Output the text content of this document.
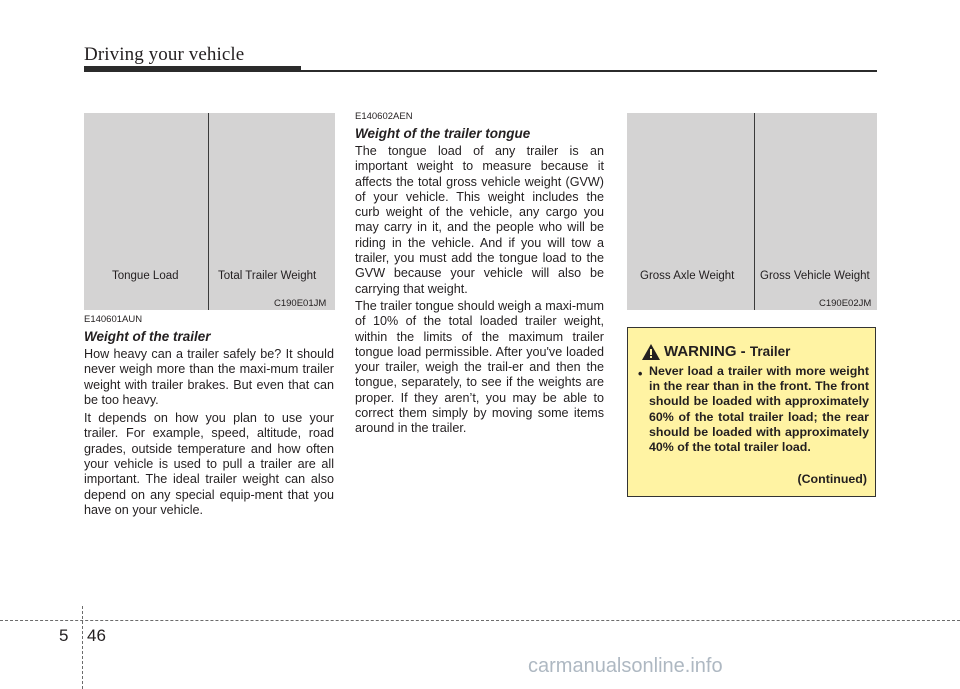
Driving your vehicle
Tongue Load	Total Trailer Weight
C190E01JM
Gross Axle Weight Gross Vehicle Weight
C190E02JM
E140601AUN
Weight of the trailer

How heavy can a trailer safely be? It should never weigh more than the maxi-mum trailer weight with trailer brakes. But even that can be too heavy.

It depends on how you plan to use your trailer. For example, speed, altitude, road grades, outside temperature and how often your vehicle is used to pull a trailer are all important. The ideal trailer weight can also depend on any special equip-ment that you have on your vehicle.

E140602AEN
Weight of the trailer tongue

The tongue load of any trailer is an important weight to measure because it affects the total gross vehicle weight (GVW) of your vehicle. This weight includes the curb weight of the vehicle, any cargo you may carry in it, and the people who will be riding in the vehicle. And if you will tow a trailer, you must add the tongue load to the GVW because your vehicle will also be carrying that weight.

The trailer tongue should weigh a maxi-mum of 10% of the total loaded trailer weight, within the limits of the maximum trailer tongue load permissible. After you've loaded your trailer, weigh the trail-er and then the tongue, separately, to see if the weights are proper. If they aren’t, you may be able to correct them simply by moving some items around in the trailer.

WARNING - Trailer
• Never load a trailer with more weight in the rear than in the front. The front should be loaded with approximately 60% of the total trailer load; the rear should be loaded with approximately 40% of the total trailer load.

(Continued)
5 46
carmanualsonline.info
